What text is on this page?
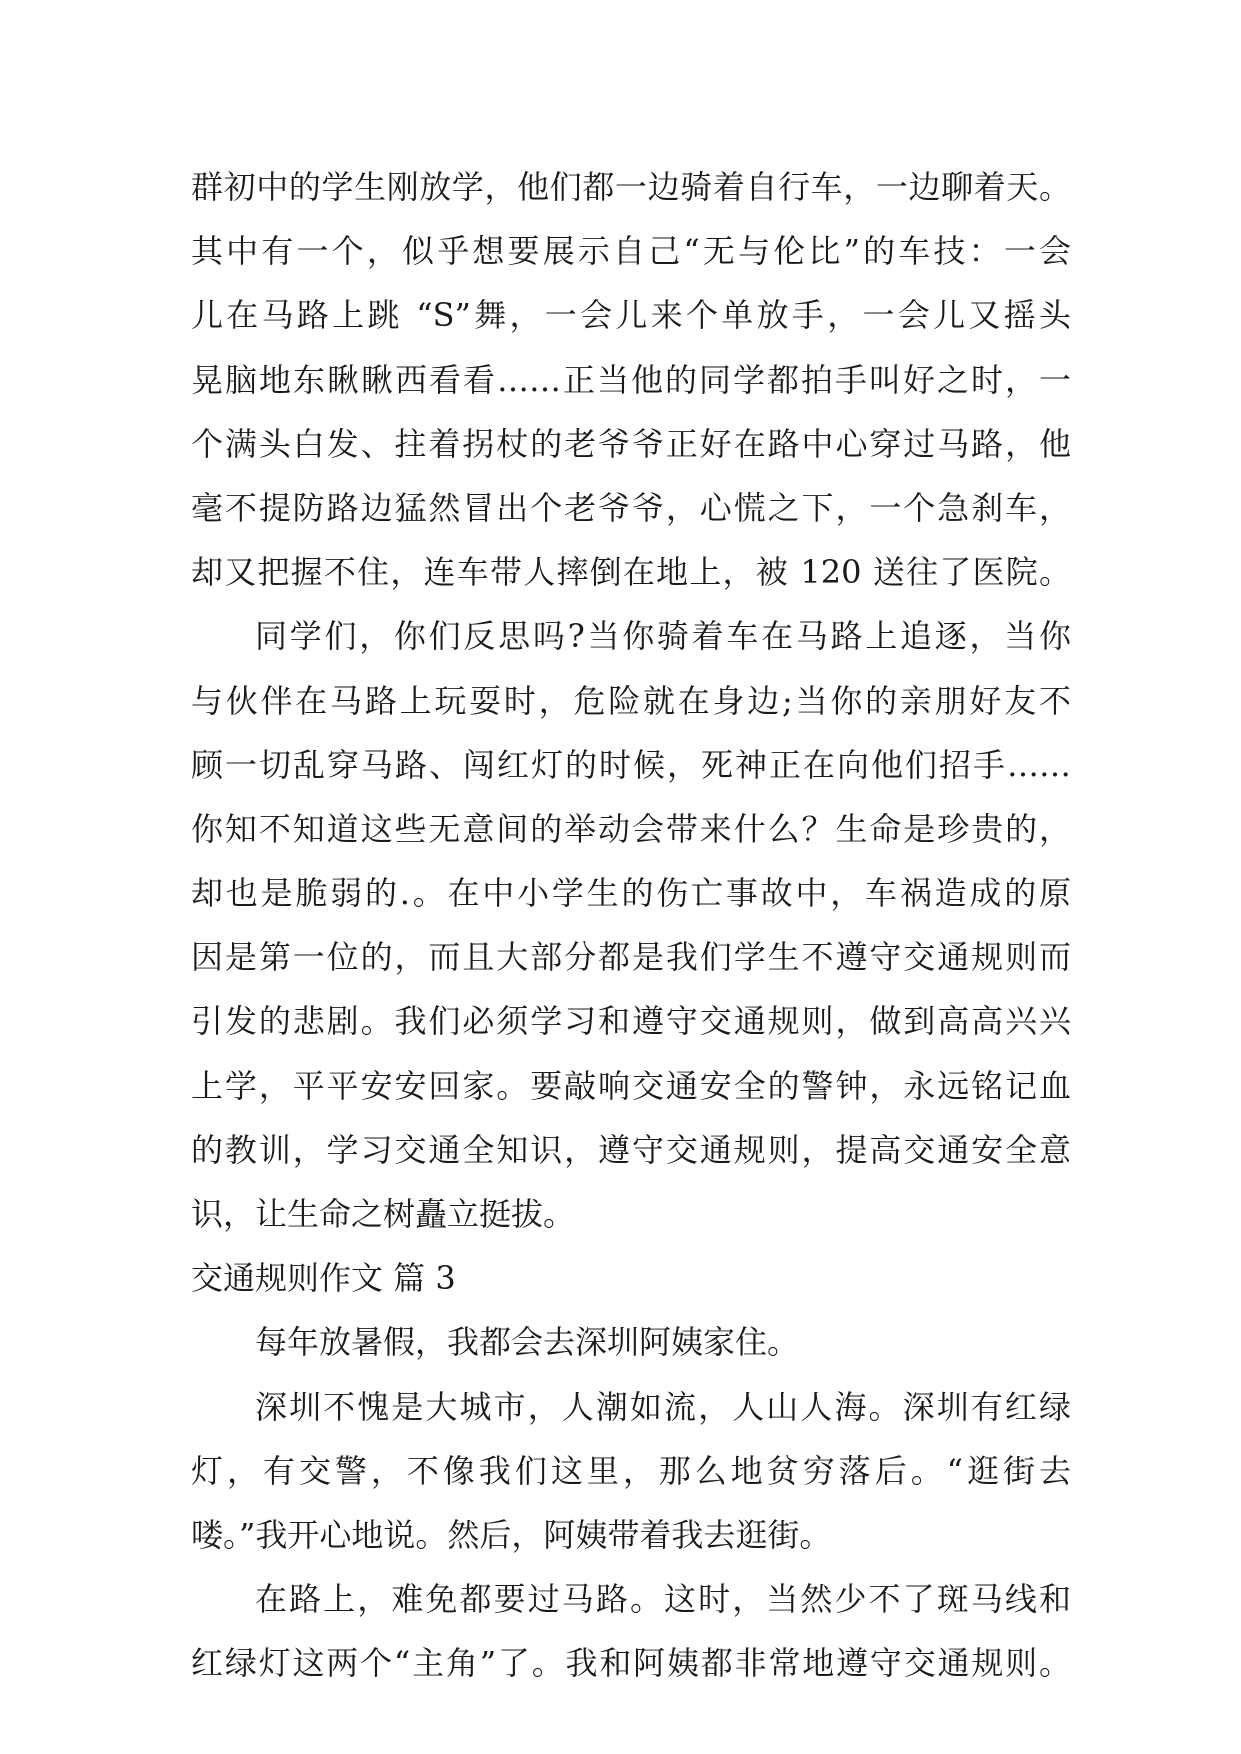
群初中的学生刚放学，他们都一边骑着自行车，一边聊着天。
其中有一个，似乎想要展示自己“无与伦比”的车技：一会
儿在马路上跳 “S”舞，一会儿来个单放手，一会儿又摇头
晃脑地东瞅瞅西看看……正当他的同学都拍手叫好之时，一
个满头白发、拄着拐杖的老爷爷正好在路中心穿过马路，他
毫不提防路边猛然冒出个老爷爷，心慌之下，一个急刹车，
却又把握不住，连车带人摔倒在地上，被 120 送往了医院。
同学们，你们反思吗?当你骑着车在马路上追逐，当你
与伙伴在马路上玩耍时，危险就在身边;当你的亲朋好友不
顾一切乱穿马路、闯红灯的时候，死神正在向他们招手……
你知不知道这些无意间的举动会带来什么？生命是珍贵的，
却也是脆弱的.。在中小学生的伤亡事故中，车祸造成的原
因是第一位的，而且大部分都是我们学生不遵守交通规则而
引发的悲剧。我们必须学习和遵守交通规则，做到高高兴兴
上学，平平安安回家。要敲响交通安全的警钟，永远铭记血
的教训，学习交通全知识，遵守交通规则，提高交通安全意
识，让生命之树矗立挺拔。
交通规则作文 篇 3
每年放暑假，我都会去深圳阿姨家住。
深圳不愧是大城市，人潮如流，人山人海。深圳有红绿
灯，有交警，不像我们这里，那么地贫穷落后。“逛街去
喽。”我开心地说。然后，阿姨带着我去逛街。
在路上，难免都要过马路。这时，当然少不了斑马线和
红绿灯这两个“主角”了。我和阿姨都非常地遵守交通规则。
